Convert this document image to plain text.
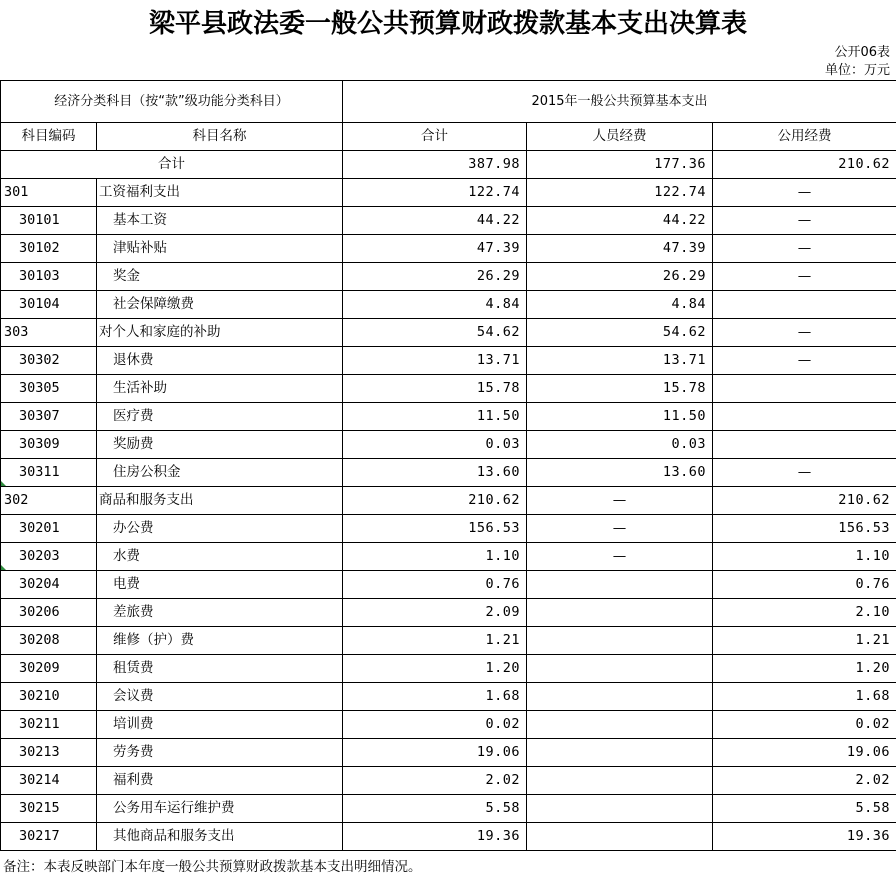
梁平县政法委一般公共预算财政拨款基本支出决算表
公开06表
单位：万元
经济分类科目（按“款”级功能分类科目）		2015年一般公共预算基本支出		
科目编码	科目名称	合计	人员经费	公用经费
合计		387.98	177.36	210.62
301	工资福利支出	122.74	122.74	—
30101	基本工资	44.22	44.22	—
30102	津贴补贴	47.39	47.39	—
30103	奖金	26.29	26.29	—
30104	社会保障缴费	4.84	4.84	
303	对个人和家庭的补助	54.62	54.62	—
30302	退休费	13.71	13.71	—
30305	生活补助	15.78	15.78	
30307	医疗费	11.50	11.50	
30309	奖励费	0.03	0.03	
30311	住房公积金	13.60	13.60	—
302	商品和服务支出	210.62	—	210.62
30201	办公费	156.53	—	156.53
30203	水费	1.10	—	1.10
30204	电费	0.76		0.76
30206	差旅费	2.09		2.10
30208	维修（护）费	1.21		1.21
30209	租赁费	1.20		1.20
30210	会议费	1.68		1.68
30211	培训费	0.02		0.02
30213	劳务费	19.06		19.06
30214	福利费	2.02		2.02
30215	公务用车运行维护费	5.58		5.58
30217	其他商品和服务支出	19.36		19.36
备注：本表反映部门本年度一般公共预算财政拨款基本支出明细情况。
